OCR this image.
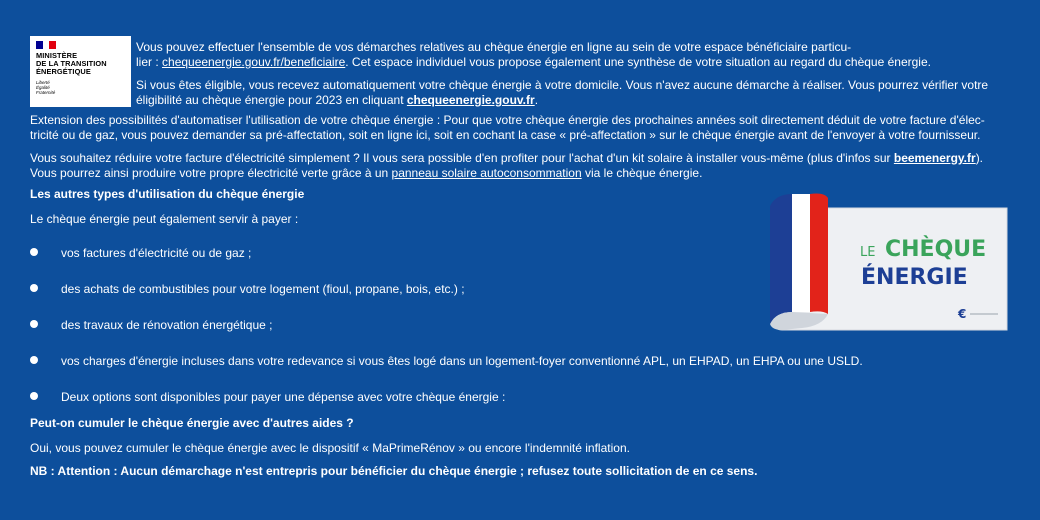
MINISTÈRE
DE LA TRANSITION
ÉNERGÉTIQUE
Liberté
Égalité
Fraternité
Vous pouvez effectuer l'ensemble de vos démarches relatives au chèque énergie en ligne au sein de votre espace bénéficiaire particu-
lier : chequeenergie.gouv.fr/beneficiaire. Cet espace individuel vous propose également une synthèse de votre situation au regard du chèque énergie.
Si vous êtes éligible, vous recevez automatiquement votre chèque énergie à votre domicile. Vous n'avez aucune démarche à réaliser. Vous pourrez vérifier votre
éligibilité au chèque énergie pour 2023 en cliquant chequeenergie.gouv.fr.
Extension des possibilités d'automatiser l'utilisation de votre chèque énergie : Pour que votre chèque énergie des prochaines années soit directement déduit de votre facture d'élec-
tricité ou de gaz, vous pouvez demander sa pré-affectation, soit en ligne ici, soit en cochant la case « pré-affectation » sur le chèque énergie avant de l'envoyer à votre fournisseur.
Vous souhaitez réduire votre facture d'électricité simplement ? Il vous sera possible d'en profiter pour l'achat d'un kit solaire à installer vous-même (plus d'infos sur beemenergy.fr).
Vous pourrez ainsi produire votre propre électricité verte grâce à un panneau solaire autoconsommation via le chèque énergie.
Les autres types d'utilisation du chèque énergie
Le chèque énergie peut également servir à payer :
vos factures d'électricité ou de gaz ;
des achats de combustibles pour votre logement (fioul, propane, bois, etc.) ;
des travaux de rénovation énergétique ;
vos charges d'énergie incluses dans votre redevance si vous êtes logé dans un logement-foyer conventionné APL, un EHPAD, un EHPA ou une USLD.
Deux options sont disponibles pour payer une dépense avec votre chèque énergie :
Peut-on cumuler le chèque énergie avec d'autres aides ?
Oui, vous pouvez cumuler le chèque énergie avec le dispositif « MaPrimeRénov » ou encore l'indemnité inflation.
NB : Attention : Aucun démarchage n'est entrepris pour bénéficier du chèque énergie ; refusez toute sollicitation de en ce sens.
LE CHÈQUE
ÉNERGIE
€
